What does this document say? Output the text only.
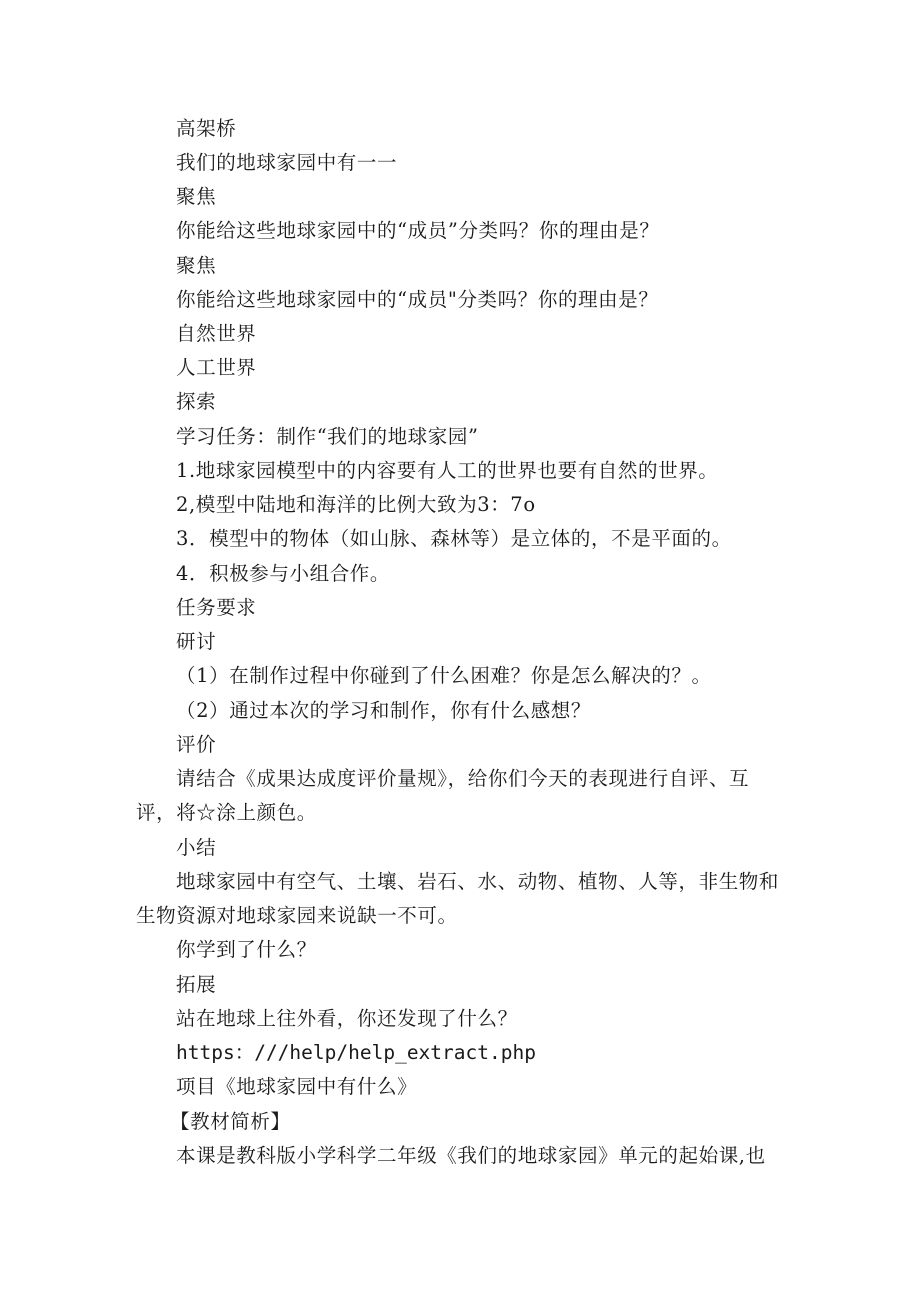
高架桥
我们的地球家园中有一一
聚焦
你能给这些地球家园中的“成员”分类吗？你的理由是？
聚焦
你能给这些地球家园中的“成员"分类吗？你的理由是？
自然世界
人工世界
探索
学习任务：制作“我们的地球家园”
1.地球家园模型中的内容要有人工的世界也要有自然的世界。
2,模型中陆地和海洋的比例大致为3：7o
3．模型中的物体（如山脉、森林等）是立体的，不是平面的。
4．积极参与小组合作。
任务要求
研讨
（1）在制作过程中你碰到了什么困难？你是怎么解决的？。
（2）通过本次的学习和制作，你有什么感想？
评价
请结合《成果达成度评价量规》，给你们今天的表现进行自评、互
评，将☆涂上颜色。
小结
地球家园中有空气、土壤、岩石、水、动物、植物、人等，非生物和
生物资源对地球家园来说缺一不可。
你学到了什么？
拓展
站在地球上往外看，你还发现了什么？
https：///help/help_extract.php
项目《地球家园中有什么》
【教材简析】
本课是教科版小学科学二年级《我们的地球家园》单元的起始课,也
